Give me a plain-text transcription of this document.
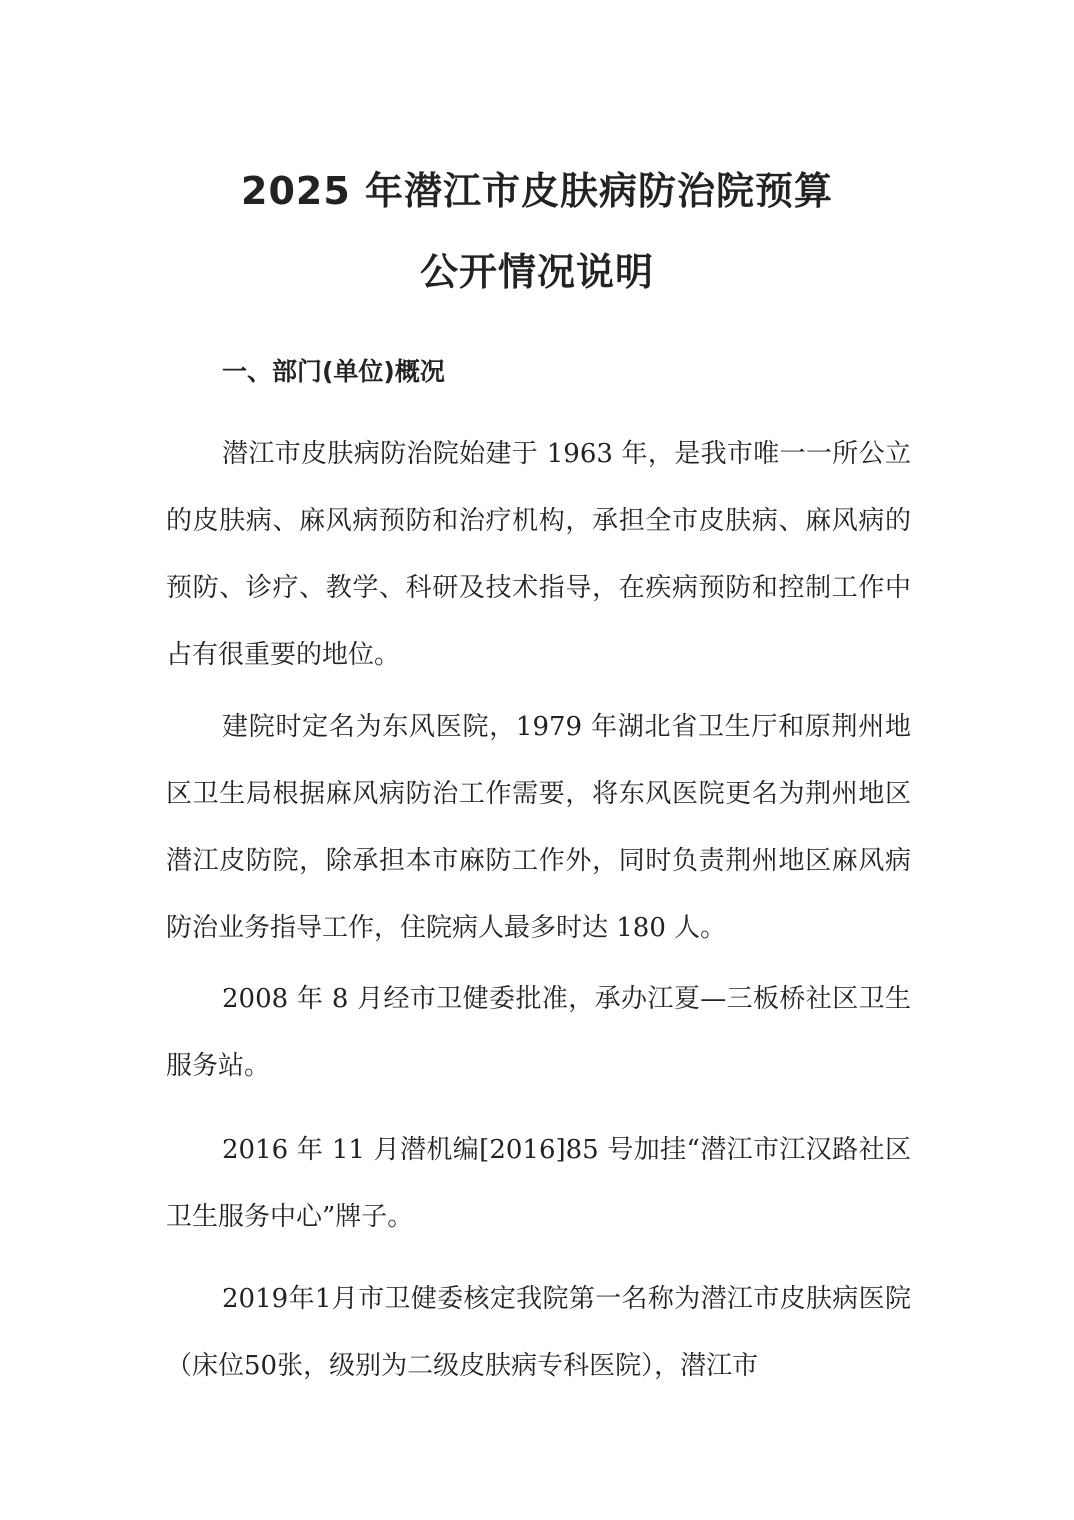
2025 年潜江市皮肤病防治院预算
公开情况说明
一、部门(单位)概况

潜江市皮肤病防治院始建于 1963 年，是我市唯一一所公立的皮肤病、麻风病预防和治疗机构，承担全市皮肤病、麻风病的预防、诊疗、教学、科研及技术指导，在疾病预防和控制工作中占有很重要的地位。

建院时定名为东风医院，1979 年湖北省卫生厅和原荆州地区卫生局根据麻风病防治工作需要，将东风医院更名为荆州地区潜江皮防院，除承担本市麻防工作外，同时负责荆州地区麻风病防治业务指导工作，住院病人最多时达 180 人。

2008 年 8 月经市卫健委批准，承办江夏—三板桥社区卫生服务站。

2016 年 11 月潜机编[2016]85 号加挂“潜江市江汉路社区卫生服务中心”牌子。

2019年1月市卫健委核定我院第一名称为潜江市皮肤病医院（床位50张，级别为二级皮肤病专科医院），潜江市
